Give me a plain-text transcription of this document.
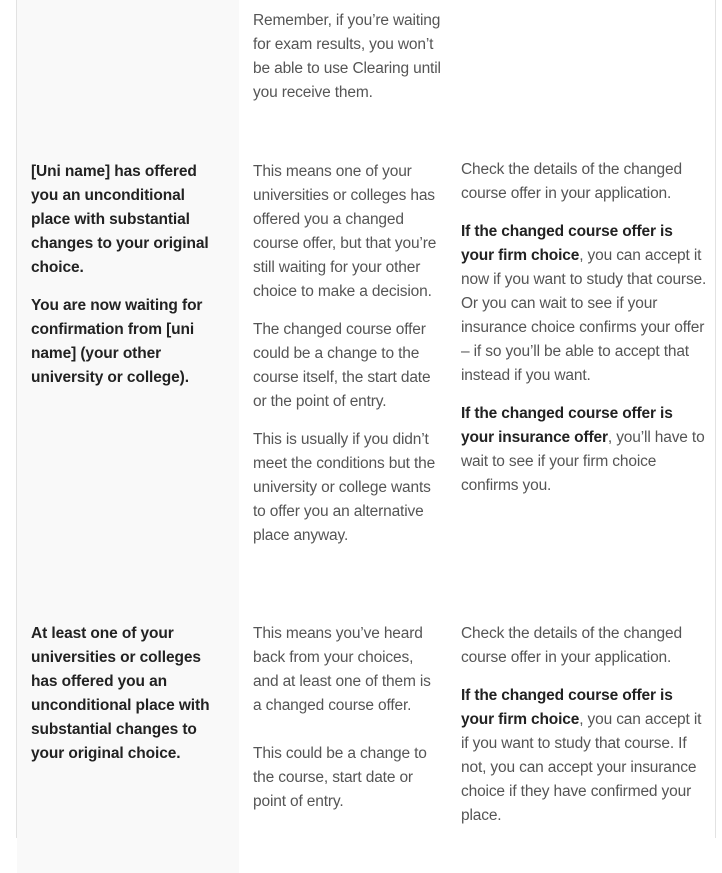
Remember, if you’re waiting for exam results, you won’t be able to use Clearing until you receive them.

[Uni name] has offered you an unconditional place with substantial changes to your original choice.

You are now waiting for confirmation from [uni name] (your other university or college).

This means one of your universities or colleges has offered you a changed course offer, but that you’re still waiting for your other choice to make a decision.

The changed course offer could be a change to the course itself, the start date or the point of entry.

This is usually if you didn’t meet the conditions but the university or college wants to offer you an alternative place anyway.

Check the details of the changed course offer in your application.

If the changed course offer is your firm choice, you can accept it now if you want to study that course. Or you can wait to see if your insurance choice confirms your offer – if so you’ll be able to accept that instead if you want.

If the changed course offer is your insurance offer, you’ll have to wait to see if your firm choice confirms you.

At least one of your universities or colleges has offered you an unconditional place with substantial changes to your original choice.

This means you’ve heard back from your choices, and at least one of them is a changed course offer.

This could be a change to the course, start date or point of entry.

Check the details of the changed course offer in your application.

If the changed course offer is your firm choice, you can accept it if you want to study that course. If not, you can accept your insurance choice if they have confirmed your place.
